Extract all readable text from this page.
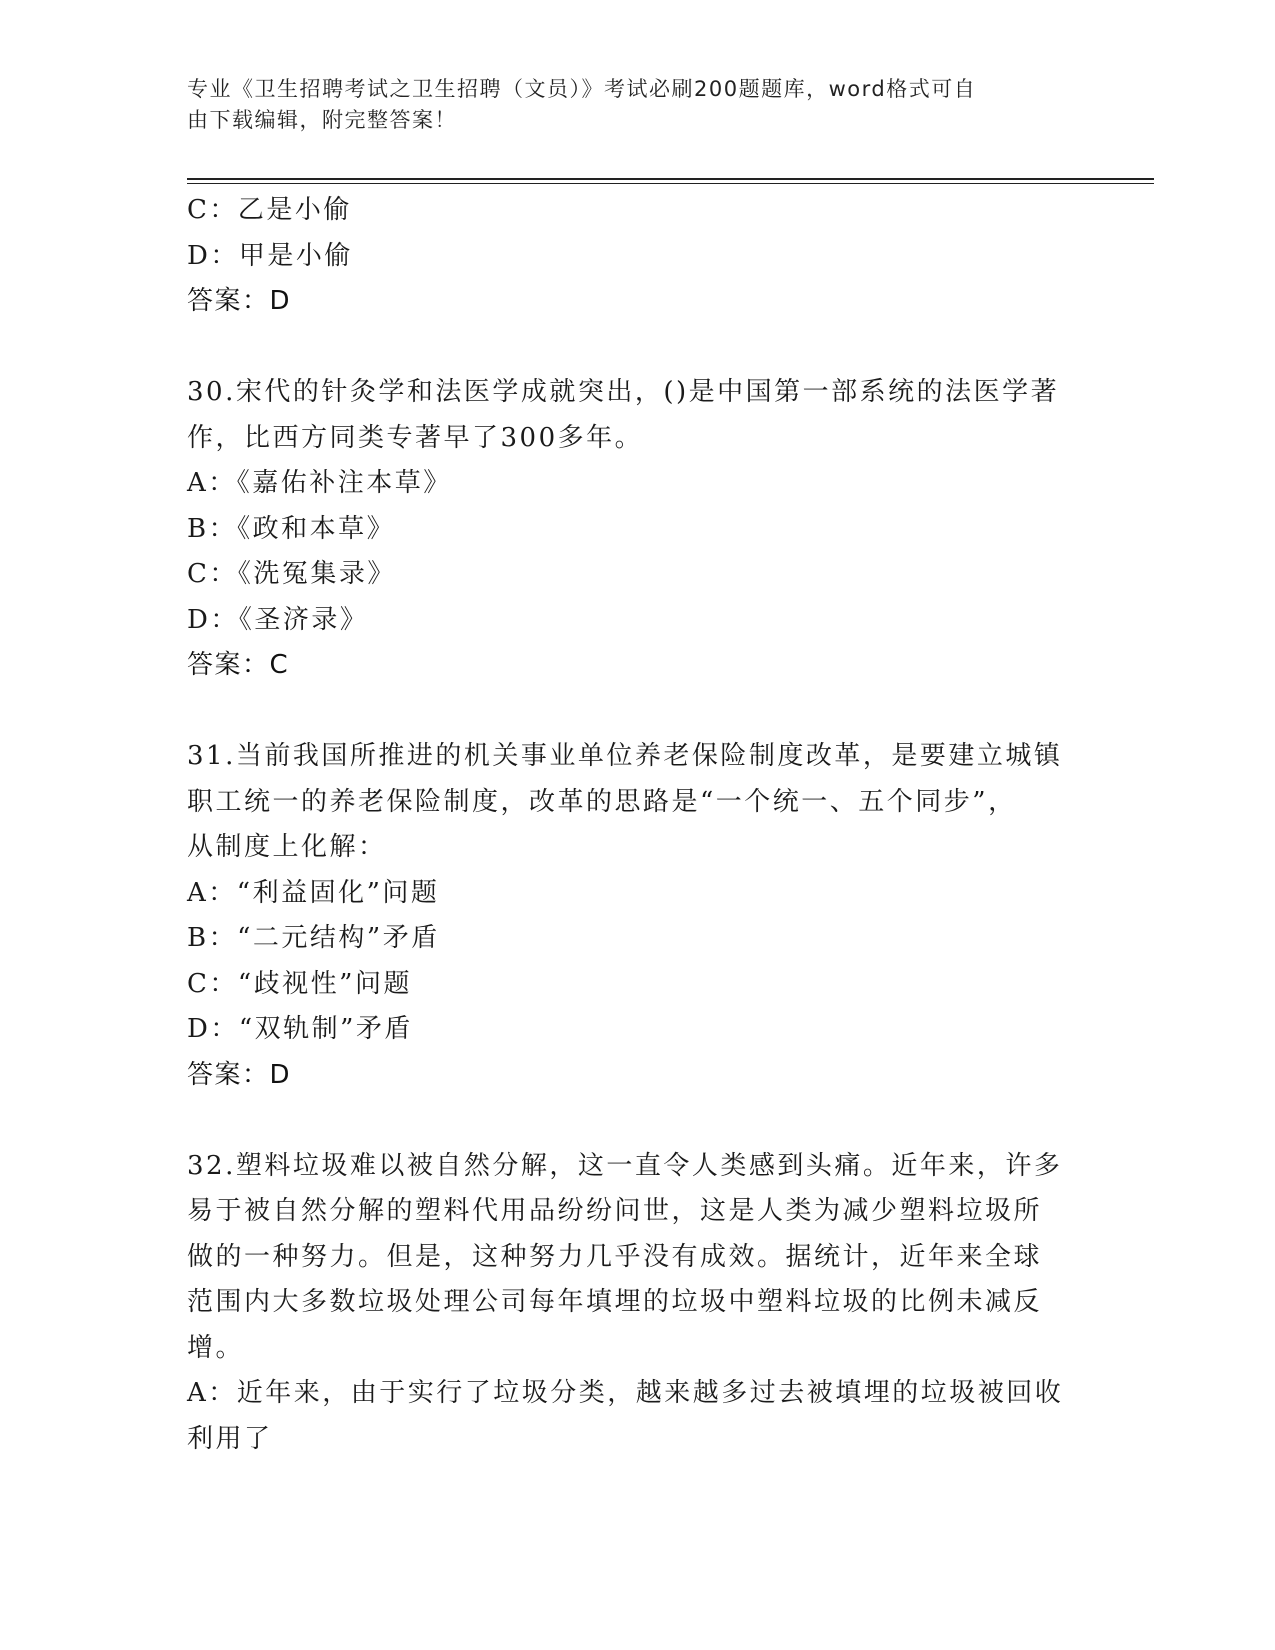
专业《卫生招聘考试之卫生招聘（文员）》考试必刷200题题库，word格式可自
由下载编辑，附完整答案！
C：乙是小偷
D：甲是小偷
答案：D
30.宋代的针灸学和法医学成就突出，()是中国第一部系统的法医学著
作，比西方同类专著早了300多年。
A：《嘉佑补注本草》
B：《政和本草》
C：《洗冤集录》
D：《圣济录》
答案：C
31.当前我国所推进的机关事业单位养老保险制度改革，是要建立城镇
职工统一的养老保险制度，改革的思路是“一个统一、五个同步”，
从制度上化解：
A：“利益固化”问题
B：“二元结构”矛盾
C：“歧视性”问题
D：“双轨制”矛盾
答案：D
32.塑料垃圾难以被自然分解，这一直令人类感到头痛。近年来，许多
易于被自然分解的塑料代用品纷纷问世，这是人类为减少塑料垃圾所
做的一种努力。但是，这种努力几乎没有成效。据统计，近年来全球
范围内大多数垃圾处理公司每年填埋的垃圾中塑料垃圾的比例未减反
增。
A：近年来，由于实行了垃圾分类，越来越多过去被填埋的垃圾被回收
利用了
